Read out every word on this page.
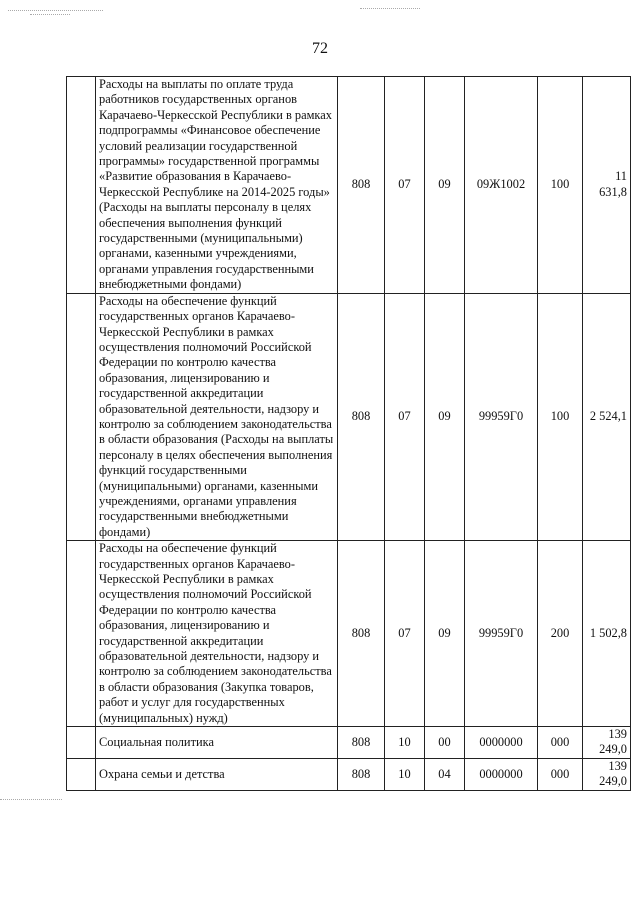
72
	Расходы на выплаты по оплате труда работников государственных органов Карачаево-Черкесской Республики в рамках подпрограммы «Финансовое обеспечение условий реализации государственной программы» государственной программы «Развитие образования в Карачаево-Черкесской Республике на 2014-2025 годы» (Расходы на выплаты персоналу в целях обеспечения выполнения функций государственными (муниципальными) органами, казенными учреждениями, органами управления государственными внебюджетными фондами)	808	07	09	09Ж1002	100	11 631,8
	Расходы на обеспечение функций государственных органов Карачаево-Черкесской Республики в рамках осуществления полномочий Российской Федерации по контролю качества образования, лицензированию и государственной аккредитации образовательной деятельности, надзору и контролю за соблюдением законодательства в области образования (Расходы на выплаты персоналу в целях обеспечения выполнения функций государственными (муниципальными) органами, казенными учреждениями, органами управления государственными внебюджетными фондами)	808	07	09	99959Г0	100	2 524,1
	Расходы на обеспечение функций государственных органов Карачаево-Черкесской Республики в рамках осуществления полномочий Российской Федерации по контролю качества образования, лицензированию и государственной аккредитации образовательной деятельности, надзору и контролю за соблюдением законодательства в области образования (Закупка товаров, работ и услуг для государственных (муниципальных) нужд)	808	07	09	99959Г0	200	1 502,8
	Социальная политика	808	10	00	0000000	000	139 249,0
	Охрана семьи и детства	808	10	04	0000000	000	139 249,0
